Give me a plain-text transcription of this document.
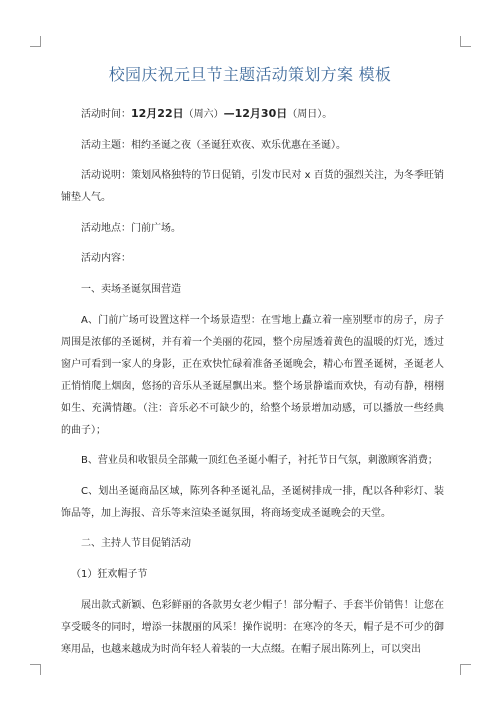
校园庆祝元旦节主题活动策划方案 模板

活动时间：12月22日（周六）—12月30日（周日）。

活动主题：相约圣诞之夜（圣诞狂欢夜、欢乐优惠在圣诞）。

活动说明：策划风格独特的节日促销，引发市民对 x 百货的强烈关注，为冬季旺销铺垫人气。

活动地点：门前广场。

活动内容：

一、卖场圣诞氛围营造

A、门前广场可设置这样一个场景造型：在雪地上矗立着一座别墅市的房子，房子周围是浓郁的圣诞树，并有着一个美丽的花园，整个房屋透着黄色的温暖的灯光，透过窗户可看到一家人的身影，正在欢快忙碌着准备圣诞晚会，精心布置圣诞树，圣诞老人正悄悄爬上烟囱，悠扬的音乐从圣诞屋飘出来。整个场景静谧而欢快，有动有静，栩栩如生、充满情趣。（注：音乐必不可缺少的，给整个场景增加动感，可以播放一些经典的曲子）；

B、营业员和收银员全部戴一顶红色圣诞小帽子，衬托节日气氛，刺激顾客消费；

C、划出圣诞商品区域，陈列各种圣诞礼品，圣诞树排成一排，配以各种彩灯、装饰品等，加上海报、音乐等来渲染圣诞氛围，将商场变成圣诞晚会的天堂。

二、主持人节目促销活动

（1）狂欢帽子节

展出款式新颖、色彩鲜丽的各款男女老少帽子！部分帽子、手套半价销售！让您在享受暖冬的同时，增添一抹靓丽的风采！操作说明：在寒冷的冬天，帽子是不可少的御寒用品，也越来越成为时尚年轻人着装的一大点缀。在帽子展出陈列上，可以突出
